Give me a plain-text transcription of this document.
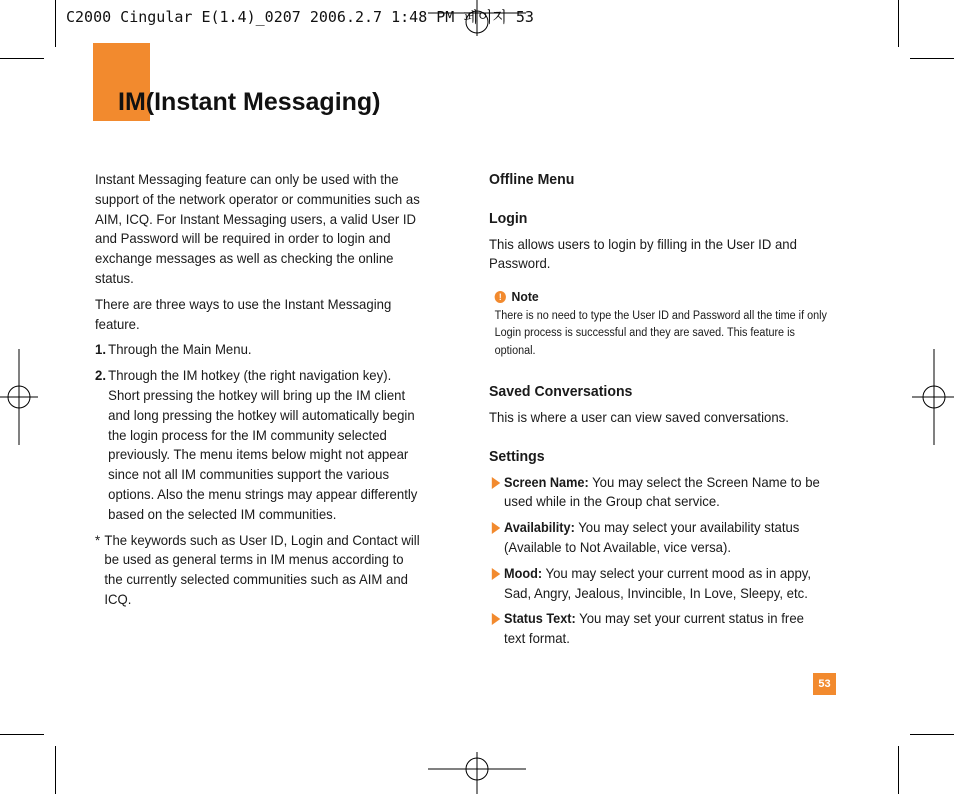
C2000 Cingular E(1.4)_0207 2006.2.7 1:48 PM 페이지 53
IM(Instant Messaging)

Instant Messaging feature can only be used with the support of the network operator or communities such as AIM, ICQ. For Instant Messaging users, a valid User ID and Password will be required in order to login and exchange messages as well as checking the online status.

There are three ways to use the Instant Messaging feature.

1. Through the Main Menu.
2. Through the IM hotkey (the right navigation key). Short pressing the hotkey will bring up the IM client and long pressing the hotkey will automatically begin the login process for the IM community selected previously. The menu items below might not appear since not all IM communities support the various options. Also the menu strings may appear differently based on the selected IM communities.
* The keywords such as User ID, Login and Contact will be used as general terms in IM menus according to the currently selected communities such as AIM and ICQ.
Offline Menu
Login

This allows users to login by filling in the User ID and Password.

! Note
There is no need to type the User ID and Password all the time if only Login process is successful and they are saved. This feature is optional.
Saved Conversations

This is where a user can view saved conversations.

Settings
Screen Name: You may select the Screen Name to be used while in the Group chat service.
Availability: You may select your availability status (Available to Not Available, vice versa).
Mood: You may select your current mood as in appy, Sad, Angry, Jealous, Invincible, In Love, Sleepy, etc.
Status Text: You may set your current status in free text format.
53
